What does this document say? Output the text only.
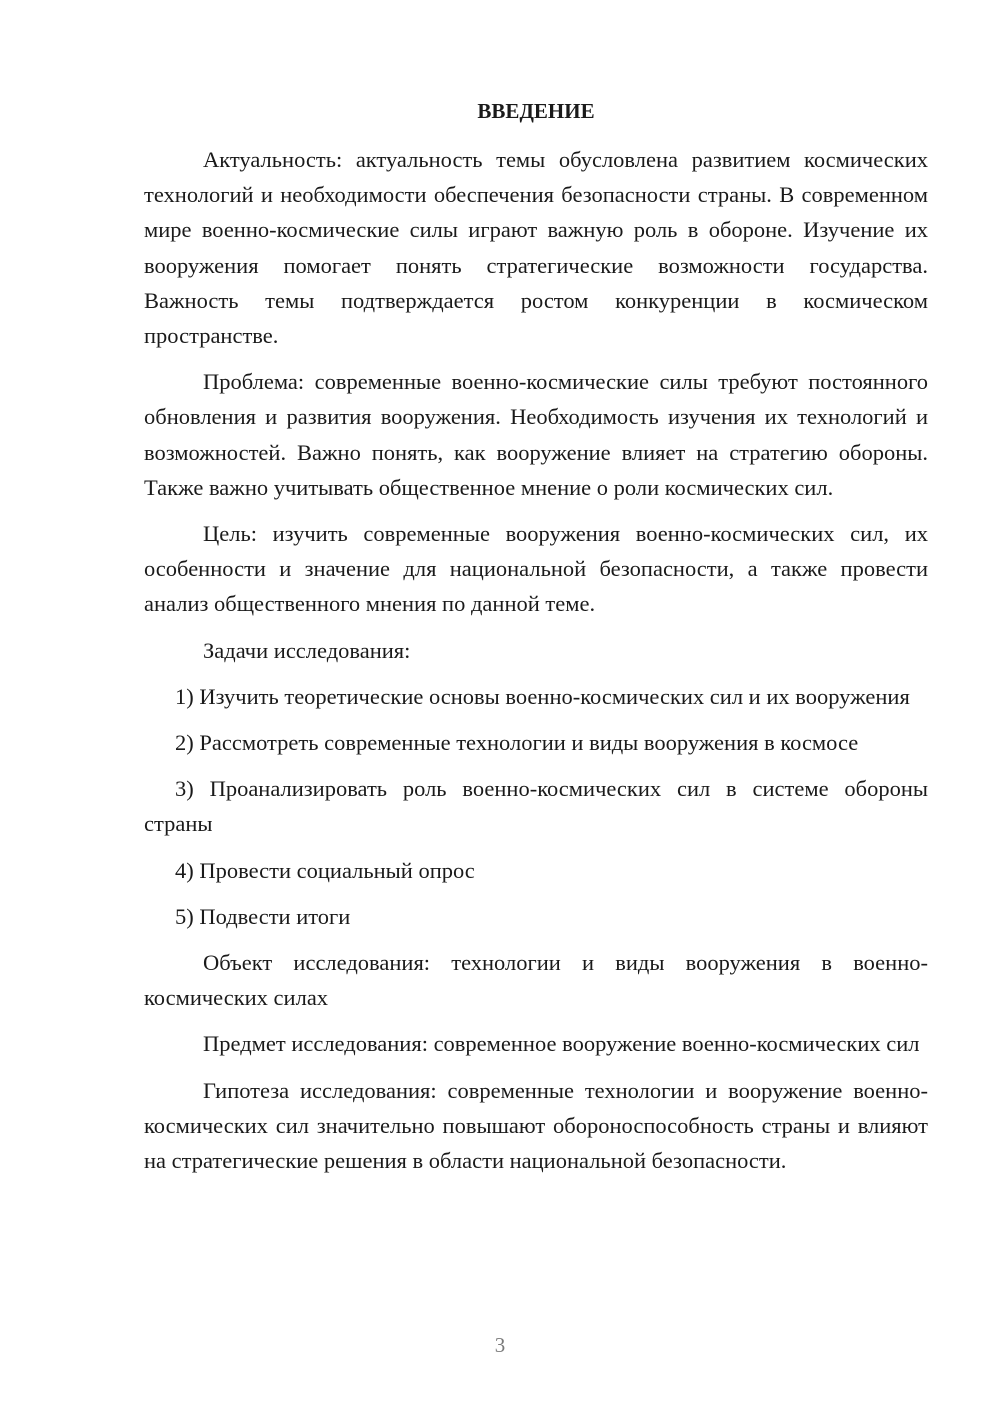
ВВЕДЕНИЕ

Актуальность: актуальность темы обусловлена развитием космических технологий и необходимости обеспечения безопасности страны. В современном мире военно-космические силы играют важную роль в обороне. Изучение их вооружения помогает понять стратегические возможности государства. Важность темы подтверждается ростом конкуренции в космическом пространстве.

Проблема: современные военно-космические силы требуют постоянного обновления и развития вооружения. Необходимость изучения их технологий и возможностей. Важно понять, как вооружение влияет на стратегию обороны. Также важно учитывать общественное мнение о роли космических сил.

Цель: изучить современные вооружения военно-космических сил, их особенности и значение для национальной безопасности, а также провести анализ общественного мнения по данной теме.

Задачи исследования:

1) Изучить теоретические основы военно-космических сил и их вооружения

2) Рассмотреть современные технологии и виды вооружения в космосе

3) Проанализировать роль военно-космических сил в системе обороны страны

4) Провести социальный опрос

5) Подвести итоги

Объект исследования: технологии и виды вооружения в военно-космических силах

Предмет исследования: современное вооружение военно-космических сил

Гипотеза исследования: современные технологии и вооружение военно-космических сил значительно повышают обороноспособность страны и влияют на стратегические решения в области национальной безопасности.

3
